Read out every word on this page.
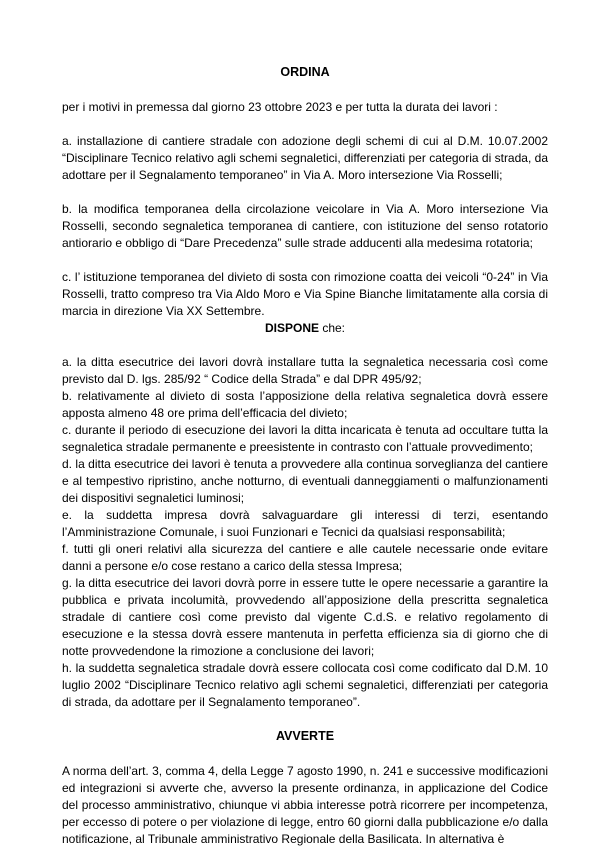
ORDINA

per i motivi in premessa dal giorno 23 ottobre 2023 e per tutta la durata dei lavori :

a. installazione di cantiere stradale con adozione degli schemi di cui al D.M. 10.07.2002 “Disciplinare Tecnico relativo agli schemi segnaletici, differenziati per categoria di strada, da adottare per il Segnalamento temporaneo” in Via A. Moro intersezione Via Rosselli;

b. la modifica temporanea della circolazione veicolare in Via A. Moro intersezione Via Rosselli, secondo segnaletica temporanea di cantiere, con istituzione del senso rotatorio antiorario e obbligo di “Dare Precedenza” sulle strade adducenti alla medesima rotatoria;

c. l’ istituzione temporanea del divieto di sosta con rimozione coatta dei veicoli “0-24” in Via Rosselli, tratto compreso tra Via Aldo Moro e Via Spine Bianche limitatamente alla corsia di marcia in direzione Via XX Settembre.

DISPONE che:

a. la ditta esecutrice dei lavori dovrà installare tutta la segnaletica necessaria così come previsto dal D. lgs. 285/92 “ Codice della Strada” e dal DPR 495/92;

b. relativamente al divieto di sosta l’apposizione della relativa segnaletica dovrà essere apposta almeno 48 ore prima dell’efficacia del divieto;

c. durante il periodo di esecuzione dei lavori la ditta incaricata è tenuta ad occultare tutta la segnaletica stradale permanente e preesistente in contrasto con l’attuale provvedimento;

d. la ditta esecutrice dei lavori è tenuta a provvedere alla continua sorveglianza del cantiere e al tempestivo ripristino, anche notturno, di eventuali danneggiamenti o malfunzionamenti dei dispositivi segnaletici luminosi;

e. la suddetta impresa dovrà salvaguardare gli interessi di terzi, esentando l’Amministrazione Comunale, i suoi Funzionari e Tecnici da qualsiasi responsabilità;

f. tutti gli oneri relativi alla sicurezza del cantiere e alle cautele necessarie onde evitare danni a persone e/o cose restano a carico della stessa Impresa;

g. la ditta esecutrice dei lavori dovrà porre in essere tutte le opere necessarie a garantire la pubblica e privata incolumità, provvedendo all’apposizione della prescritta segnaletica stradale di cantiere così come previsto dal vigente C.d.S. e relativo regolamento di esecuzione e la stessa dovrà essere mantenuta in perfetta efficienza sia di giorno che di notte provvedendone la rimozione a conclusione dei lavori;

h. la suddetta segnaletica stradale dovrà essere collocata così come codificato dal D.M. 10 luglio 2002 “Disciplinare Tecnico relativo agli schemi segnaletici, differenziati per categoria di strada, da adottare per il Segnalamento temporaneo”.

AVVERTE

A norma dell’art. 3, comma 4, della Legge 7 agosto 1990, n. 241 e successive modificazioni ed integrazioni si avverte che, avverso la presente ordinanza, in applicazione del Codice del processo amministrativo, chiunque vi abbia interesse potrà ricorrere per incompetenza, per eccesso di potere o per violazione di legge, entro 60 giorni dalla pubblicazione e/o dalla notificazione, al Tribunale amministrativo Regionale della Basilicata. In alternativa è
